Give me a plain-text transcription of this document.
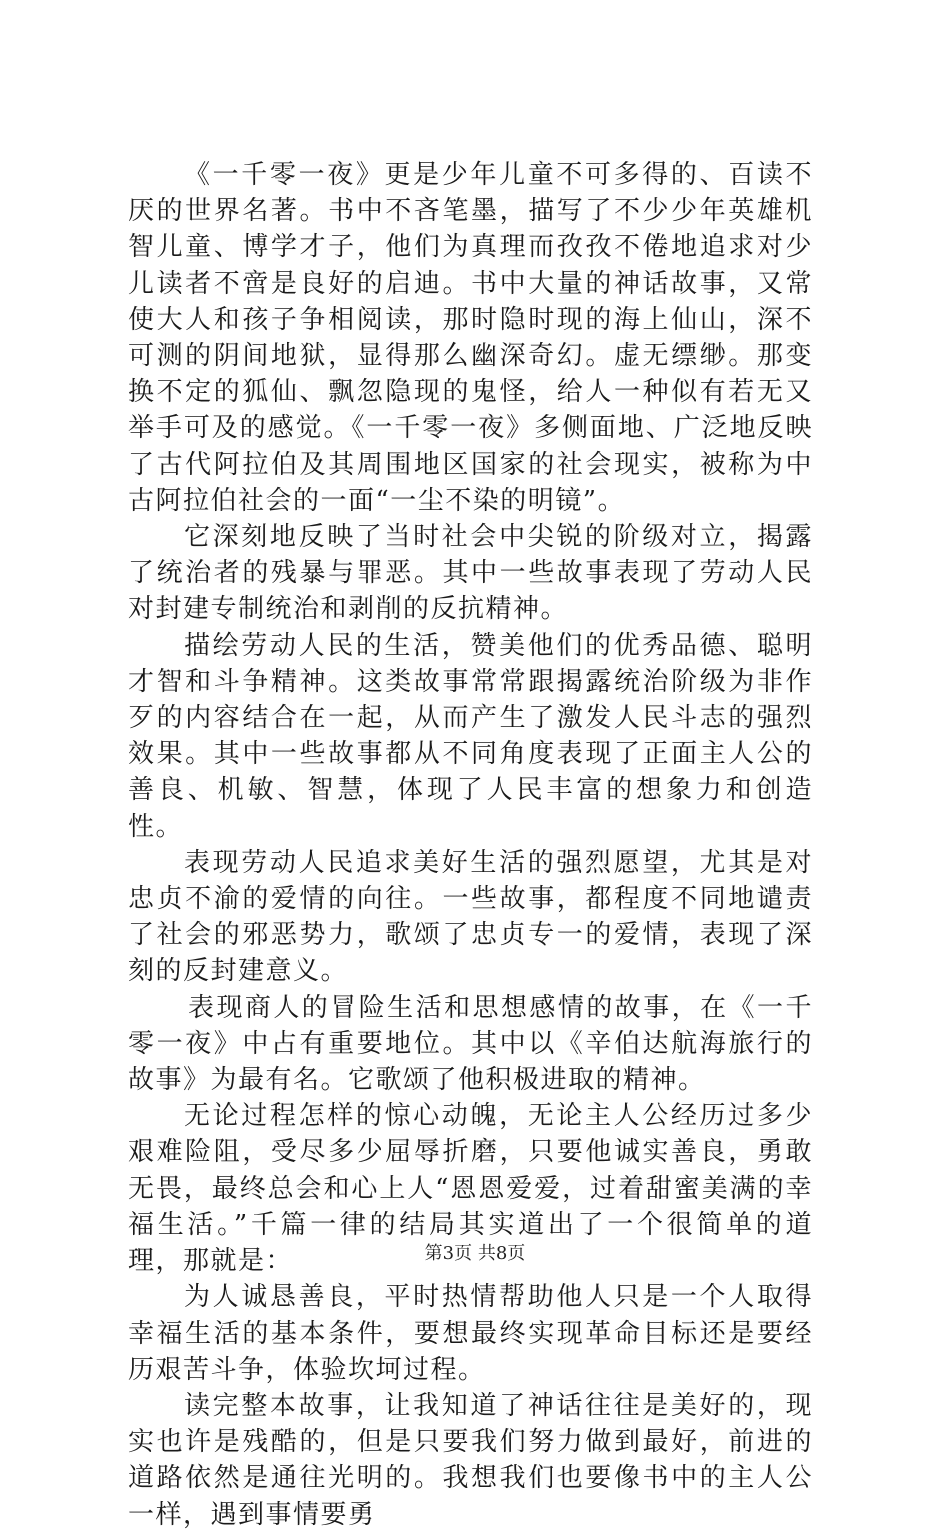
《一千零一夜》更是少年儿童不可多得的、百读不厌的世界名著。书中不吝笔墨，描写了不少少年英雄机智儿童、博学才子，他们为真理而孜孜不倦地追求对少儿读者不啻是良好的启迪。书中大量的神话故事，又常使大人和孩子争相阅读，那时隐时现的海上仙山，深不可测的阴间地狱，显得那么幽深奇幻。虚无缥缈。那变换不定的狐仙、飘忽隐现的鬼怪，给人一种似有若无又举手可及的感觉。《一千零一夜》多侧面地、广泛地反映了古代阿拉伯及其周围地区国家的社会现实，被称为中古阿拉伯社会的一面“一尘不染的明镜”。

它深刻地反映了当时社会中尖锐的阶级对立，揭露了统治者的残暴与罪恶。其中一些故事表现了劳动人民对封建专制统治和剥削的反抗精神。

描绘劳动人民的生活，赞美他们的优秀品德、聪明才智和斗争精神。这类故事常常跟揭露统治阶级为非作歹的内容结合在一起，从而产生了激发人民斗志的强烈效果。其中一些故事都从不同角度表现了正面主人公的善良、机敏、智慧，体现了人民丰富的想象力和创造性。

表现劳动人民追求美好生活的强烈愿望，尤其是对忠贞不渝的爱情的向往。一些故事，都程度不同地谴责了社会的邪恶势力，歌颂了忠贞专一的爱情，表现了深刻的反封建意义。

表现商人的冒险生活和思想感情的故事，在《一千零一夜》中占有重要地位。其中以《辛伯达航海旅行的故事》为最有名。它歌颂了他积极进取的精神。

无论过程怎样的惊心动魄，无论主人公经历过多少艰难险阻，受尽多少屈辱折磨，只要他诚实善良，勇敢无畏，最终总会和心上人“恩恩爱爱，过着甜蜜美满的幸福生活。”千篇一律的结局其实道出了一个很简单的道理，那就是：

为人诚恳善良，平时热情帮助他人只是一个人取得幸福生活的基本条件，要想最终实现革命目标还是要经历艰苦斗争，体验坎坷过程。

读完整本故事，让我知道了神话往往是美好的，现实也许是残酷的，但是只要我们努力做到最好，前进的道路依然是通往光明的。我想我们也要像书中的主人公一样，遇到事情要勇

第3页 共8页
